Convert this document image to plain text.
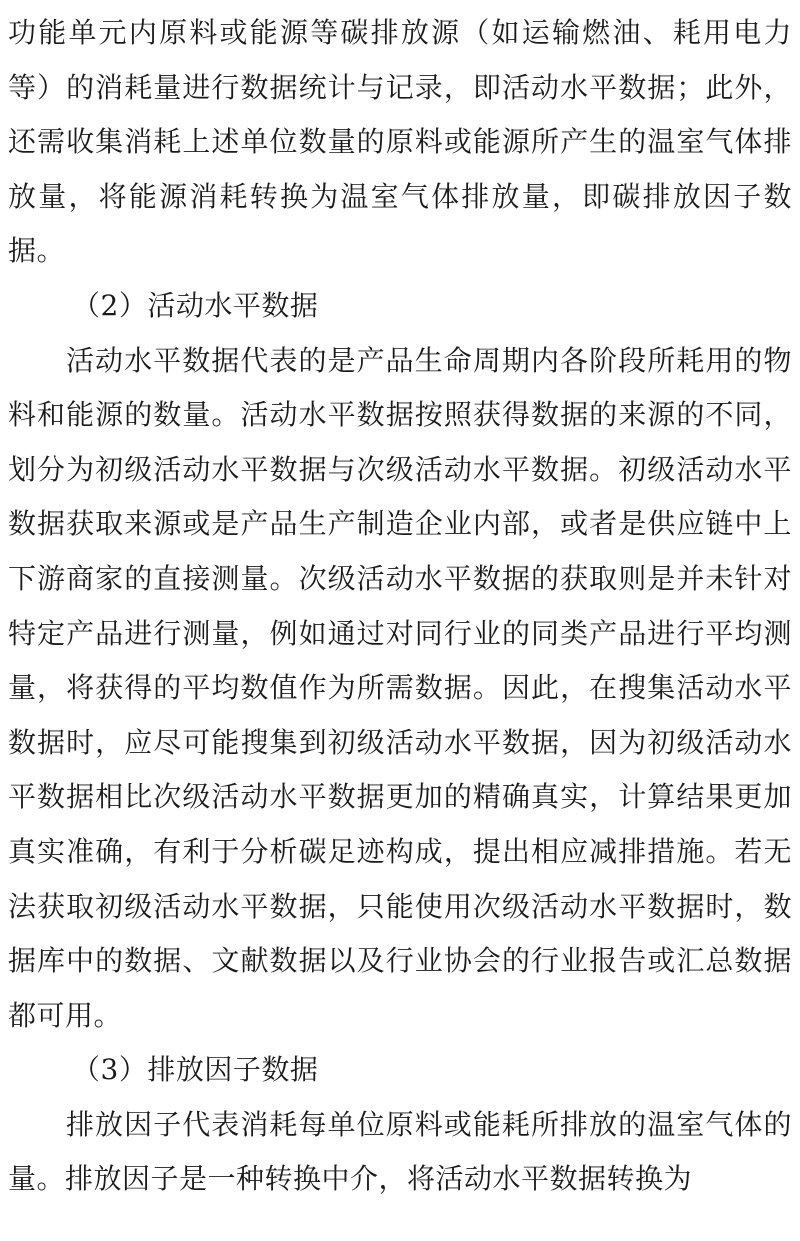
功能单元内原料或能源等碳排放源（如运输燃油、耗用电力等）的消耗量进行数据统计与记录，即活动水平数据；此外，还需收集消耗上述单位数量的原料或能源所产生的温室气体排放量，将能源消耗转换为温室气体排放量，即碳排放因子数据。

（2）活动水平数据

活动水平数据代表的是产品生命周期内各阶段所耗用的物料和能源的数量。活动水平数据按照获得数据的来源的不同，划分为初级活动水平数据与次级活动水平数据。初级活动水平数据获取来源或是产品生产制造企业内部，或者是供应链中上下游商家的直接测量。次级活动水平数据的获取则是并未针对特定产品进行测量，例如通过对同行业的同类产品进行平均测量，将获得的平均数值作为所需数据。因此，在搜集活动水平数据时，应尽可能搜集到初级活动水平数据，因为初级活动水平数据相比次级活动水平数据更加的精确真实，计算结果更加真实准确，有利于分析碳足迹构成，提出相应减排措施。若无法获取初级活动水平数据，只能使用次级活动水平数据时，数据库中的数据、文献数据以及行业协会的行业报告或汇总数据都可用。

（3）排放因子数据

排放因子代表消耗每单位原料或能耗所排放的温室气体的量。排放因子是一种转换中介，将活动水平数据转换为
